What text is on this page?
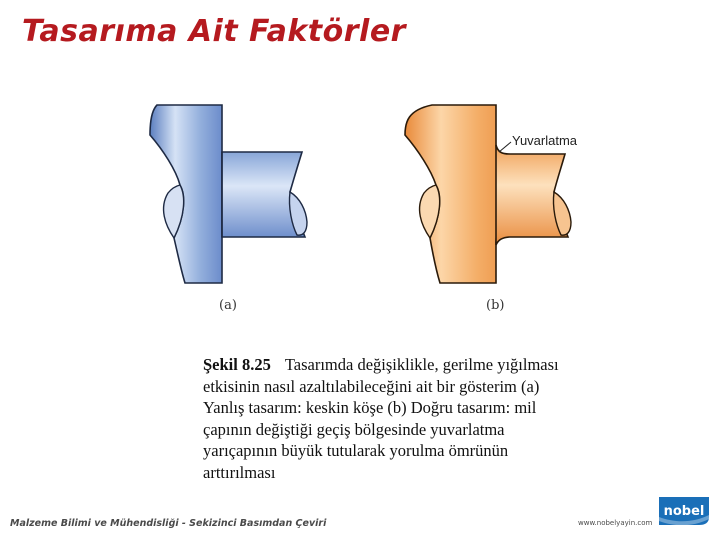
Tasarıma Ait Faktörler
Yuvarlatma
(a)	(b)
Şekil 8.25 Tasarımda değişiklikle, gerilme yığılması etkisinin nasıl azaltılabileceğini ait bir gösterim (a) Yanlış tasarım: keskin köşe (b) Doğru tasarım: mil çapının değiştiği geçiş bölgesinde yuvarlatma yarıçapının büyük tutularak yorulma ömrünün arttırılması
Malzeme Bilimi ve Mühendisliği - Sekizinci Basımdan Çeviri	www.nobelyayin.com
nobel
